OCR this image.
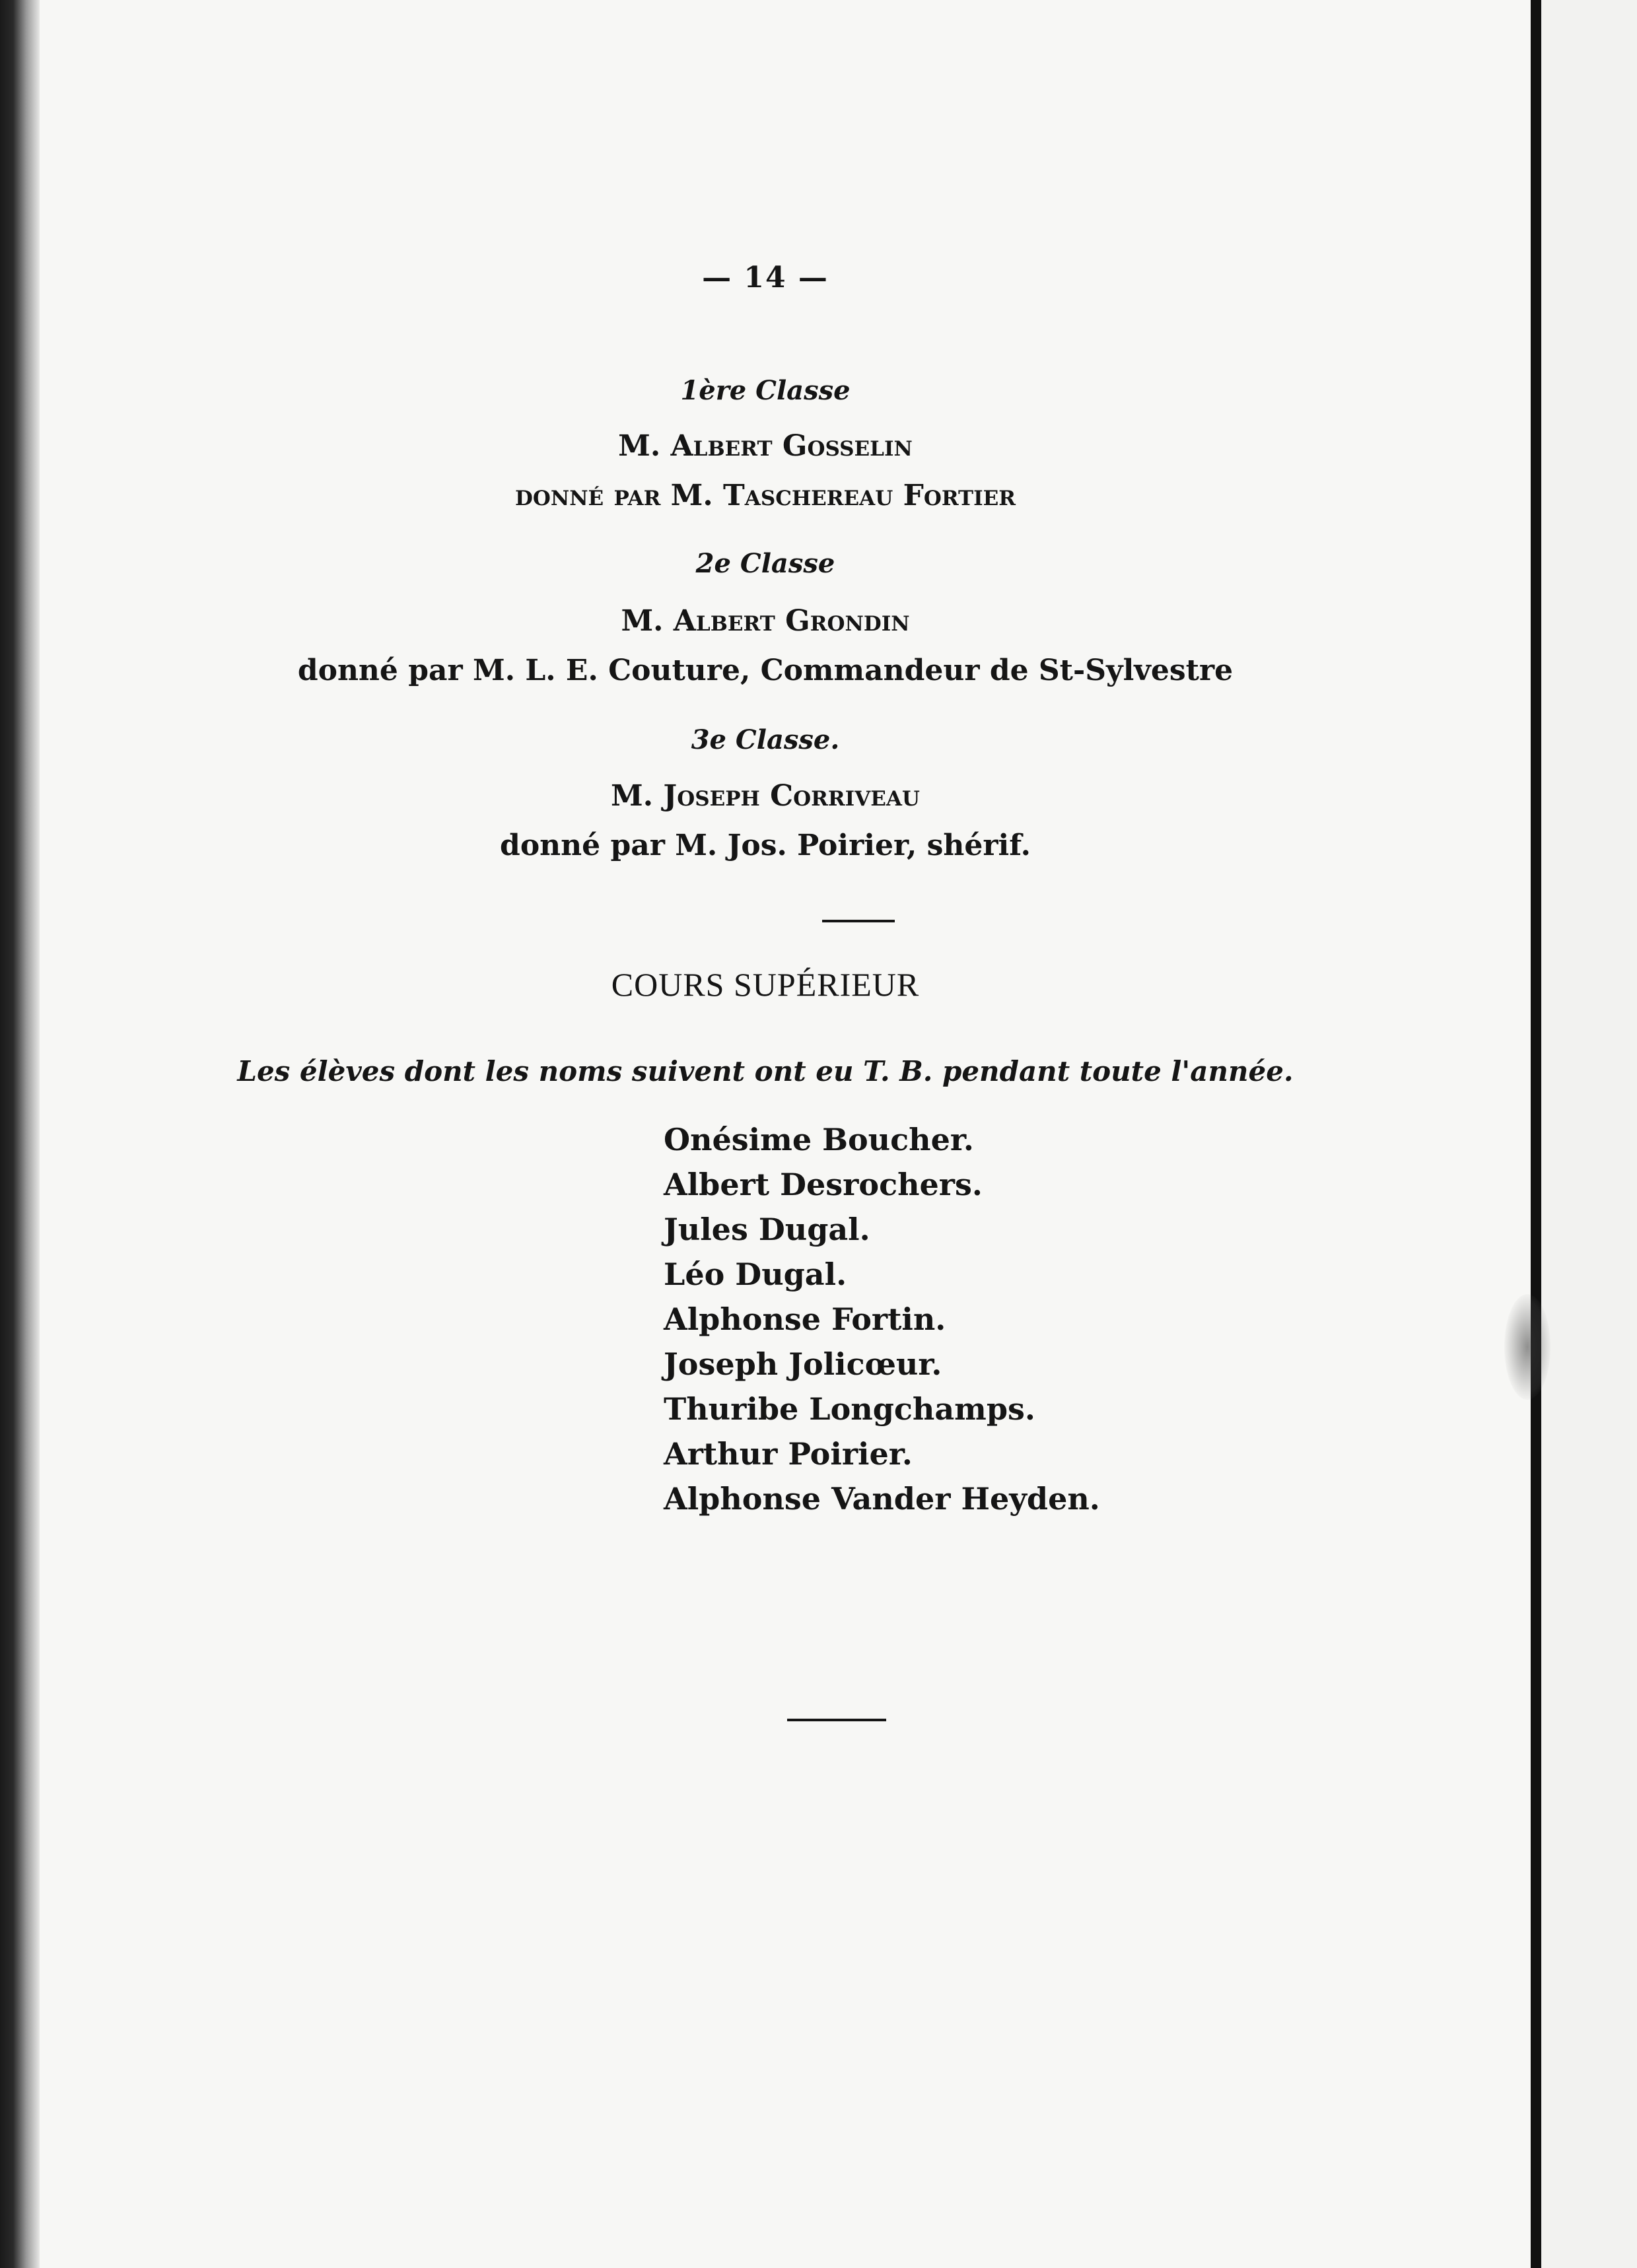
— 14 —
1ère Classe
M. Albert Gosselin
donné par M. Taschereau Fortier
2e Classe
M. Albert Grondin
donné par M. L. E. Couture, Commandeur de St-Sylvestre
3e Classe.
M. Joseph Corriveau
donné par M. Jos. Poirier, shérif.
COURS SUPÉRIEUR
Les élèves dont les noms suivent ont eu T. B. pendant toute l'année.
Onésime Boucher.
Albert Desrochers.
Jules Dugal.
Léo Dugal.
Alphonse Fortin.
Joseph Jolicœur.
Thuribe Longchamps.
Arthur Poirier.
Alphonse Vander Heyden.
